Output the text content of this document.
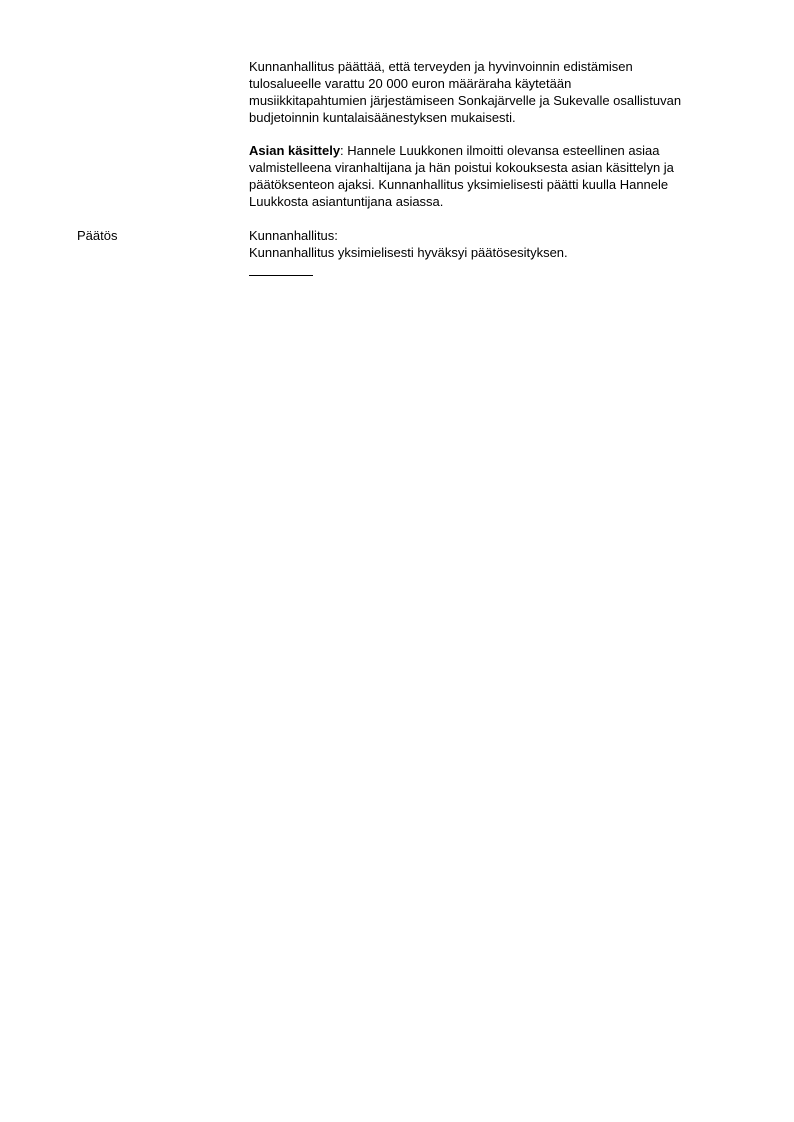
Kunnanhallitus päättää, että terveyden ja hyvinvoinnin edistämisen
tulosalueelle varattu 20 000 euron määräraha käytetään
musiikkitapahtumien järjestämiseen Sonkajärvelle ja Sukevalle osallistuvan
budjetoinnin kuntalaisäänestyksen mukaisesti.

Asian käsittely: Hannele Luukkonen ilmoitti olevansa esteellinen asiaa
valmistelleena viranhaltijana ja hän poistui kokouksesta asian käsittelyn ja
päätöksenteon ajaksi. Kunnanhallitus yksimielisesti päätti kuulla Hannele
Luukkosta asiantuntijana asiassa.

Päätös	Kunnanhallitus:

Kunnanhallitus yksimielisesti hyväksyi päätösesityksen.
